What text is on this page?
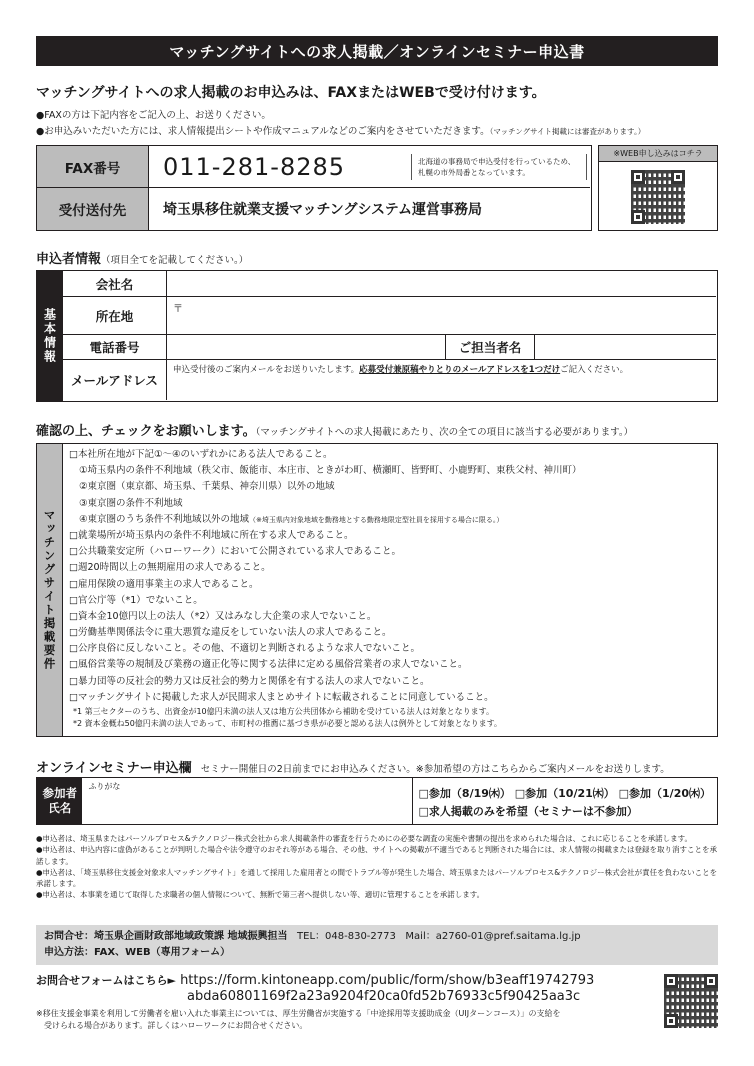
マッチングサイトへの求人掲載／オンラインセミナー申込書
マッチングサイトへの求人掲載のお申込みは、FAXまたはWEBで受け付けます。
●FAXの方は下記内容をご記入の上、お送りください。
●お申込みいただいた方には、求人情報提出シートや作成マニュアルなどのご案内をさせていただきます。（マッチングサイト掲載には審査があります。）
FAX番号	011-281-8285	北海道の事務局で申込受付を行っているため、
札幌の市外局番となっています。
受付送付先	埼玉県移住就業支援マッチングシステム運営事務局
※WEB申し込みはコチラ
申込者情報（項目全てを記載してください。）
基本情報
会社名
所在地	〒
電話番号	ご担当者名
メールアドレス
申込受付後のご案内メールをお送りいたします。応募受付兼原稿やりとりのメールアドレスを1つだけご記入ください。
確認の上、チェックをお願いします。（マッチングサイトへの求人掲載にあたり、次の全ての項目に該当する必要があります。）
マッチングサイト掲載要件
□本社所在地が下記①～④のいずれかにある法人であること。
①埼玉県内の条件不利地域（秩父市、飯能市、本庄市、ときがわ町、横瀬町、皆野町、小鹿野町、東秩父村、神川町）
②東京圏（東京都、埼玉県、千葉県、神奈川県）以外の地域
③東京圏の条件不利地域
④東京圏のうち条件不利地域以外の地域（※埼玉県内対象地域を勤務地とする勤務地限定型社員を採用する場合に限る。）
□就業場所が埼玉県内の条件不利地域に所在する求人であること。
□公共職業安定所（ハローワーク）において公開されている求人であること。
□週20時間以上の無期雇用の求人であること。
□雇用保険の適用事業主の求人であること。
□官公庁等（*1）でないこと。
□資本金10億円以上の法人（*2）又はみなし大企業の求人でないこと。
□労働基準関係法令に重大悪質な違反をしていない法人の求人であること。
□公序良俗に反しないこと。その他、不適切と判断されるような求人でないこと。
□風俗営業等の規制及び業務の適正化等に関する法律に定める風俗営業者の求人でないこと。
□暴力団等の反社会的勢力又は反社会的勢力と関係を有する法人の求人でないこと。
□マッチングサイトに掲載した求人が民間求人まとめサイトに転載されることに同意していること。
*1 第三セクターのうち、出資金が10億円未満の法人又は地方公共団体から補助を受けている法人は対象となります。
*2 資本金概ね50億円未満の法人であって、市町村の推薦に基づき県が必要と認める法人は例外として対象となります。
オンラインセミナー申込欄 セミナー開催日の2日前までにお申込みください。※参加希望の方はこちらからご案内メールをお送りします。
参加者氏名
ふりがな
□参加（8/19㈭） □参加（10/21㈭） □参加（1/20㈭）
□求人掲載のみを希望（セミナーは不参加）

●申込者は、埼玉県またはパーソルプロセス&テクノロジー株式会社から求人掲載条件の審査を行うためにの必要な調査の実施や書類の提出を求められた場合は、これに応じることを承諾します。

●申込者は、申込内容に虚偽があることが判明した場合や法令遵守のおそれ等がある場合、その他、サイトへの掲載が不適当であると判断された場合には、求人情報の掲載または登録を取り消すことを承諾します。

●申込者は、「埼玉県移住支援金対象求人マッチングサイト」を通して採用した雇用者との間でトラブル等が発生した場合、埼玉県またはパーソルプロセス&テクノロジー株式会社が責任を負わないことを承諾します。

●申込者は、本事業を通じて取得した求職者の個人情報について、無断で第三者へ提供しない等、適切に管理することを承諾します。

お問合せ：埼玉県企画財政部地域政策課 地域振興担当 TEL：048-830-2773 Mail：a2760-01@pref.saitama.lg.jp

申込方法：FAX、WEB（専用フォーム）

お問合せフォームはこちら► https://form.kintoneapp.com/public/form/show/b3eaff19742793
abda60801169f2a23a9204f20ca0fd52b76933c5f90425aa3c
※移住支援金事業を利用して労働者を雇い入れた事業主については、厚生労働省が実施する「中途採用等支援助成金（UIJターンコース）」の支給を
受けられる場合があります。詳しくはハローワークにお問合せください。
